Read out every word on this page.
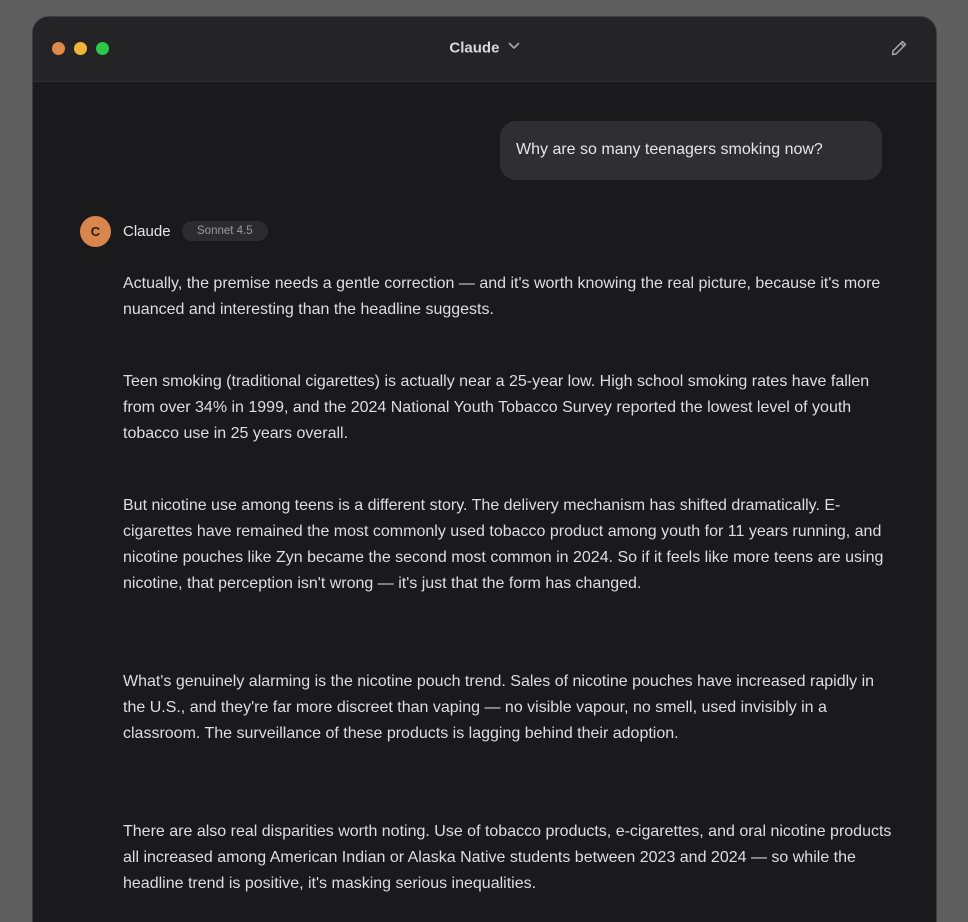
Claude
Why are so many teenagers smoking now?
C	Claude	Sonnet 4.5

Actually, the premise needs a gentle correction — and it's worth knowing the real picture, because it's more nuanced and interesting than the headline suggests.

Teen smoking (traditional cigarettes) is actually near a 25-year low. High school smoking rates have fallen from over 34% in 1999, and the 2024 National Youth Tobacco Survey reported the lowest level of youth tobacco use in 25 years overall.

But nicotine use among teens is a different story. The delivery mechanism has shifted dramatically. E-cigarettes have remained the most commonly used tobacco product among youth for 11 years running, and nicotine pouches like Zyn became the second most common in 2024. So if it feels like more teens are using nicotine, that perception isn't wrong — it's just that the form has changed.

What's genuinely alarming is the nicotine pouch trend. Sales of nicotine pouches have increased rapidly in the U.S., and they're far more discreet than vaping — no visible vapour, no smell, used invisibly in a classroom. The surveillance of these products is lagging behind their adoption.

There are also real disparities worth noting. Use of tobacco products, e-cigarettes, and oral nicotine products all increased among American Indian or Alaska Native students between 2023 and 2024 — so while the headline trend is positive, it's masking serious inequalities.
